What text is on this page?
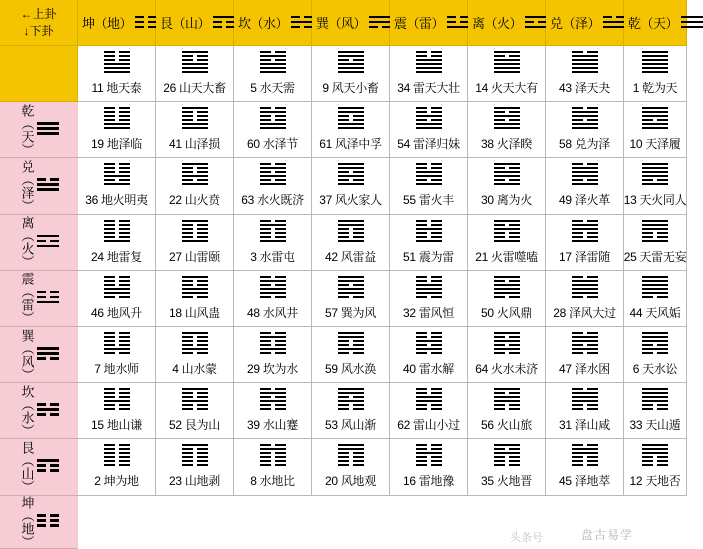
←上卦
↓下卦 坤（地） 艮（山） 坎（水） 巽（风） 震（雷） 离（火） 兑（泽） 乾（天）
11 地天泰 26 山天大畜 5 水天需 9 风天小畜 34 雷天大壮 14 火天大有 43 泽天夬 1 乾为天
乾（天）	19 地泽临 41 山泽损 60 水泽节 61 风泽中孚 54 雷泽归妹 38 火泽睽 58 兑为泽 10 天泽履
兑（泽）	36 地火明夷 22 山火贲 63 水火既济 37 风火家人 55 雷火丰 30 离为火 49 泽火革 13 天火同人
离（火）	24 地雷复 27 山雷颐	3 水雷屯	42 风雷益 51 震为雷 21 火雷噬嗑 17 泽雷随 25 天雷无妄
震（雷）	46 地风升 18 山风蛊 48 水风井 57 巽为风 32 雷风恒 50 火风鼎 28 泽风大过 44 天风姤
巽（风）	7 地水师	4 山水蒙	29 坎为水 59 风水涣 40 雷水解 64 火水未济 47 泽水困 6 天水讼
坎（水）	15 地山谦 52 艮为山 39 水山蹇 53 风山渐 62 雷山小过 56 火山旅 31 泽山咸 33 天山遁
艮（山）	2 坤为地	23 山地剥	8 水地比	20 风地观 16 雷地豫 35 火地晋 45 泽地萃 12 天地否
坤（地）	盘古易学
头条号
